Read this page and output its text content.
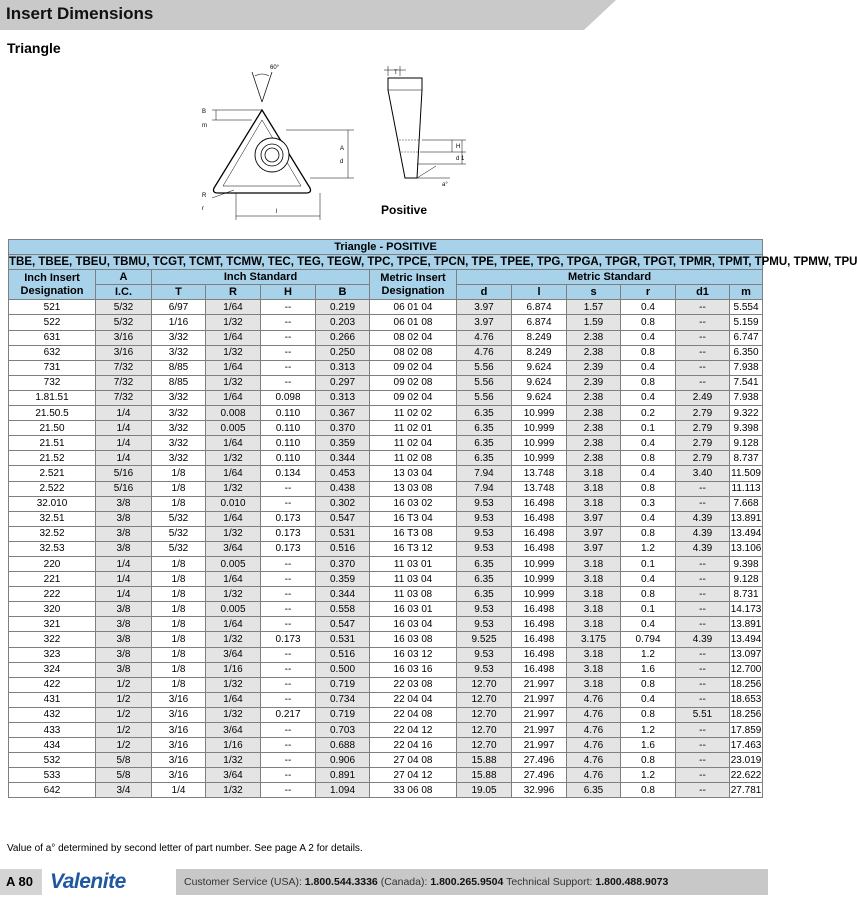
Insert Dimensions
Triangle
60°
B
m
A
d
R
r	l
T
H
d 1
a°
Positive
Triangle - POSITIVE												
TBE, TBEE, TBEU, TBMU, TCGT, TCMT, TCMW, TEC, TEG, TEGW, TPC, TPCE, TPCN, TPE, TPEE, TPG, TPGA, TPGR, TPGT, TPMR, TPMT, TPMU, TPMW, TPU												
Inch Insert Designation	A	Inch Standard				Metric Insert Designation	Metric Standard					
	I.C.	T	R	H	B		d	l	s	r	d1	m
521	5/32	6/97	1/64	--	0.219	06 01 04	3.97	6.874	1.57	0.4	--	5.554
522	5/32	1/16	1/32	--	0.203	06 01 08	3.97	6.874	1.59	0.8	--	5.159
631	3/16	3/32	1/64	--	0.266	08 02 04	4.76	8.249	2.38	0.4	--	6.747
632	3/16	3/32	1/32	--	0.250	08 02 08	4.76	8.249	2.38	0.8	--	6.350
731	7/32	8/85	1/64	--	0.313	09 02 04	5.56	9.624	2.39	0.4	--	7.938
732	7/32	8/85	1/32	--	0.297	09 02 08	5.56	9.624	2.39	0.8	--	7.541
1.81.51	7/32	3/32	1/64	0.098	0.313	09 02 04	5.56	9.624	2.38	0.4	2.49	7.938
21.50.5	1/4	3/32	0.008	0.110	0.367	11 02 02	6.35	10.999	2.38	0.2	2.79	9.322
21.50	1/4	3/32	0.005	0.110	0.370	11 02 01	6.35	10.999	2.38	0.1	2.79	9.398
21.51	1/4	3/32	1/64	0.110	0.359	11 02 04	6.35	10.999	2.38	0.4	2.79	9.128
21.52	1/4	3/32	1/32	0.110	0.344	11 02 08	6.35	10.999	2.38	0.8	2.79	8.737
2.521	5/16	1/8	1/64	0.134	0.453	13 03 04	7.94	13.748	3.18	0.4	3.40	11.509
2.522	5/16	1/8	1/32	--	0.438	13 03 08	7.94	13.748	3.18	0.8	--	11.113
32.010	3/8	1/8	0.010	--	0.302	16 03 02	9.53	16.498	3.18	0.3	--	7.668
32.51	3/8	5/32	1/64	0.173	0.547	16 T3 04	9.53	16.498	3.97	0.4	4.39	13.891
32.52	3/8	5/32	1/32	0.173	0.531	16 T3 08	9.53	16.498	3.97	0.8	4.39	13.494
32.53	3/8	5/32	3/64	0.173	0.516	16 T3 12	9.53	16.498	3.97	1.2	4.39	13.106
220	1/4	1/8	0.005	--	0.370	11 03 01	6.35	10.999	3.18	0.1	--	9.398
221	1/4	1/8	1/64	--	0.359	11 03 04	6.35	10.999	3.18	0.4	--	9.128
222	1/4	1/8	1/32	--	0.344	11 03 08	6.35	10.999	3.18	0.8	--	8.731
320	3/8	1/8	0.005	--	0.558	16 03 01	9.53	16.498	3.18	0.1	--	14.173
321	3/8	1/8	1/64	--	0.547	16 03 04	9.53	16.498	3.18	0.4	--	13.891
322	3/8	1/8	1/32	0.173	0.531	16 03 08	9.525	16.498	3.175	0.794	4.39	13.494
323	3/8	1/8	3/64	--	0.516	16 03 12	9.53	16.498	3.18	1.2	--	13.097
324	3/8	1/8	1/16	--	0.500	16 03 16	9.53	16.498	3.18	1.6	--	12.700
422	1/2	1/8	1/32	--	0.719	22 03 08	12.70	21.997	3.18	0.8	--	18.256
431	1/2	3/16	1/64	--	0.734	22 04 04	12.70	21.997	4.76	0.4	--	18.653
432	1/2	3/16	1/32	0.217	0.719	22 04 08	12.70	21.997	4.76	0.8	5.51	18.256
433	1/2	3/16	3/64	--	0.703	22 04 12	12.70	21.997	4.76	1.2	--	17.859
434	1/2	3/16	1/16	--	0.688	22 04 16	12.70	21.997	4.76	1.6	--	17.463
532	5/8	3/16	1/32	--	0.906	27 04 08	15.88	27.496	4.76	0.8	--	23.019
533	5/8	3/16	3/64	--	0.891	27 04 12	15.88	27.496	4.76	1.2	--	22.622
642	3/4	1/4	1/32	--	1.094	33 06 08	19.05	32.996	6.35	0.8	--	27.781
Value of a° determined by second letter of part number. See page A 2 for details.
A 80 Valenite	Customer Service (USA): 1.800.544.3336 (Canada): 1.800.265.9504 Technical Support: 1.800.488.9073
